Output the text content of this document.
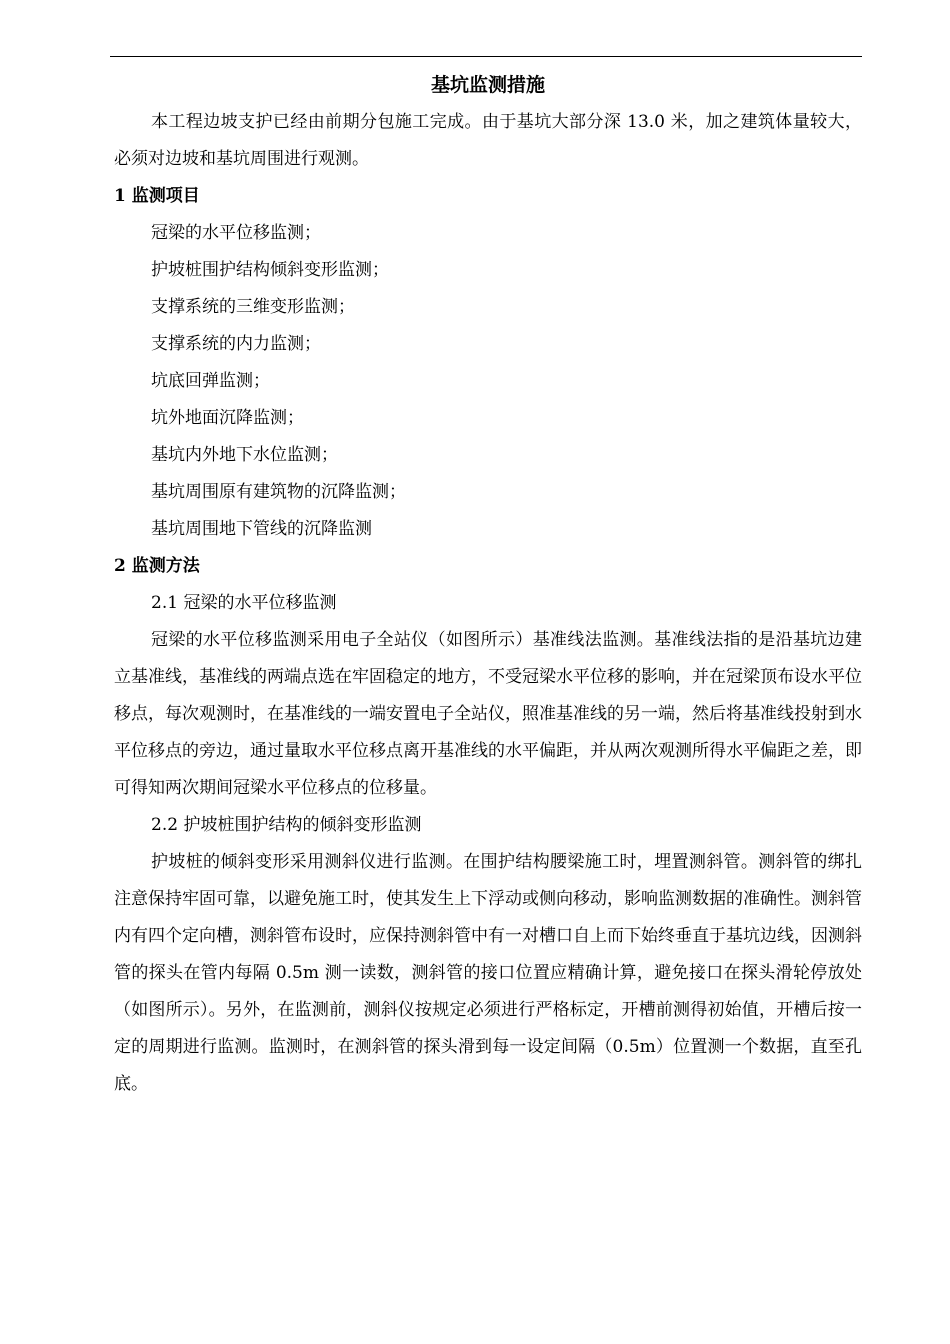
基坑监测措施

本工程边坡支护已经由前期分包施工完成。由于基坑大部分深 13.0 米，加之建筑体量较大，必须对边坡和基坑周围进行观测。

1 监测项目

冠梁的水平位移监测；
护坡桩围护结构倾斜变形监测；
支撑系统的三维变形监测；
支撑系统的内力监测；
坑底回弹监测；
坑外地面沉降监测；
基坑内外地下水位监测；
基坑周围原有建筑物的沉降监测；
基坑周围地下管线的沉降监测

2 监测方法

2.1 冠梁的水平位移监测

冠梁的水平位移监测采用电子全站仪（如图所示）基准线法监测。基准线法指的是沿基坑边建立基准线，基准线的两端点选在牢固稳定的地方，不受冠梁水平位移的影响，并在冠梁顶布设水平位移点，每次观测时，在基准线的一端安置电子全站仪，照准基准线的另一端，然后将基准线投射到水平位移点的旁边，通过量取水平位移点离开基准线的水平偏距，并从两次观测所得水平偏距之差，即可得知两次期间冠梁水平位移点的位移量。

2.2 护坡桩围护结构的倾斜变形监测

护坡桩的倾斜变形采用测斜仪进行监测。在围护结构腰梁施工时，埋置测斜管。测斜管的绑扎注意保持牢固可靠，以避免施工时，使其发生上下浮动或侧向移动，影响监测数据的准确性。测斜管内有四个定向槽，测斜管布设时，应保持测斜管中有一对槽口自上而下始终垂直于基坑边线，因测斜管的探头在管内每隔 0.5m 测一读数，测斜管的接口位置应精确计算，避免接口在探头滑轮停放处（如图所示）。另外，在监测前，测斜仪按规定必须进行严格标定，开槽前测得初始值，开槽后按一定的周期进行监测。监测时，在测斜管的探头滑到每一设定间隔（0.5m）位置测一个数据，直至孔底。
